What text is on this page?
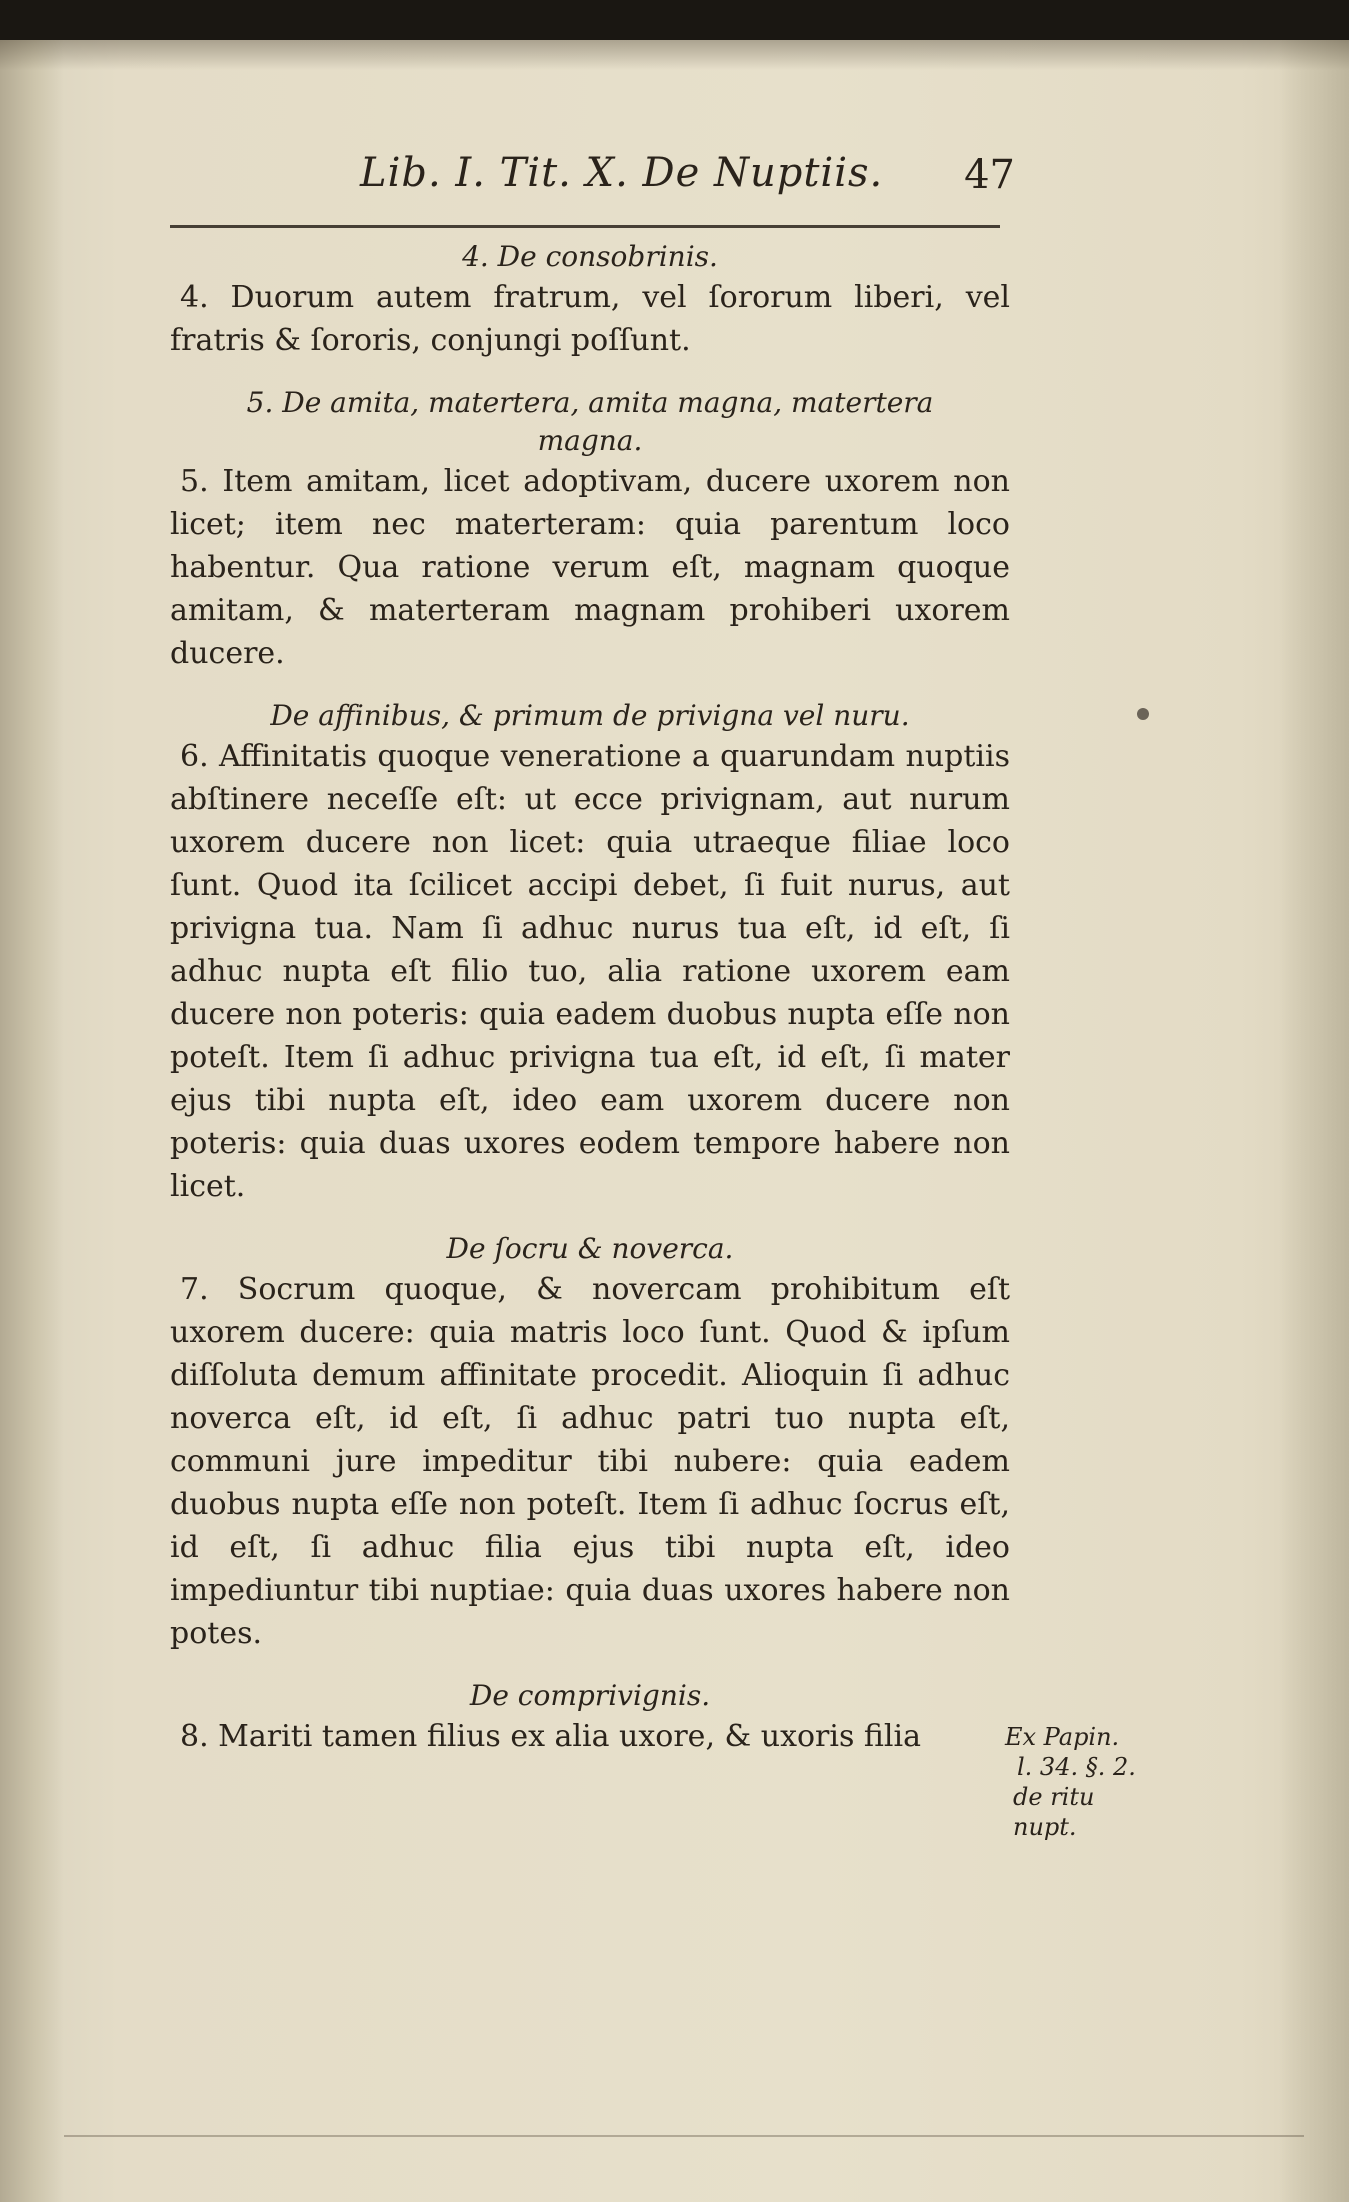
Lib. I. Tit. X. De Nuptiis. 47

4. De consobrinis.

4. Duorum autem fratrum, vel ſororum liberi, vel fratris & ſororis, conjungi poſſunt.

5. De amita, matertera, amita magna, matertera magna.

5. Item amitam, licet adoptivam, ducere uxorem non licet; item nec materteram: quia parentum loco habentur. Qua ratione verum eſt, magnam quoque amitam, & materteram magnam prohiberi uxorem ducere.

De affinibus, & primum de privigna vel nuru.

6. Affinitatis quoque veneratione a quarundam nuptiis abſtinere neceſſe eſt: ut ecce privignam, aut nurum uxorem ducere non licet: quia utraeque filiae loco ſunt. Quod ita ſcilicet accipi debet, ſi fuit nurus, aut privigna tua. Nam ſi adhuc nurus tua eſt, id eſt, ſi adhuc nupta eſt filio tuo, alia ratione uxorem eam ducere non poteris: quia eadem duobus nupta eſſe non poteſt. Item ſi adhuc privigna tua eſt, id eſt, ſi mater ejus tibi nupta eſt, ideo eam uxorem ducere non poteris: quia duas uxores eodem tempore habere non licet.

De ſocru & noverca.

7. Socrum quoque, & novercam prohibitum eſt uxorem ducere: quia matris loco ſunt. Quod & ipſum diſſoluta demum affinitate procedit. Alioquin ſi adhuc noverca eſt, id eſt, ſi adhuc patri tuo nupta eſt, communi jure impeditur tibi nubere: quia eadem duobus nupta eſſe non poteſt. Item ſi adhuc ſocrus eſt, id eſt, ſi adhuc filia ejus tibi nupta eſt, ideo impediuntur tibi nuptiae: quia duas uxores habere non potes.

De comprivignis.

8. Mariti tamen filius ex alia uxore, & uxoris filia	Ex Papin.
l. 34. §. 2.
de ritu
nupt.
